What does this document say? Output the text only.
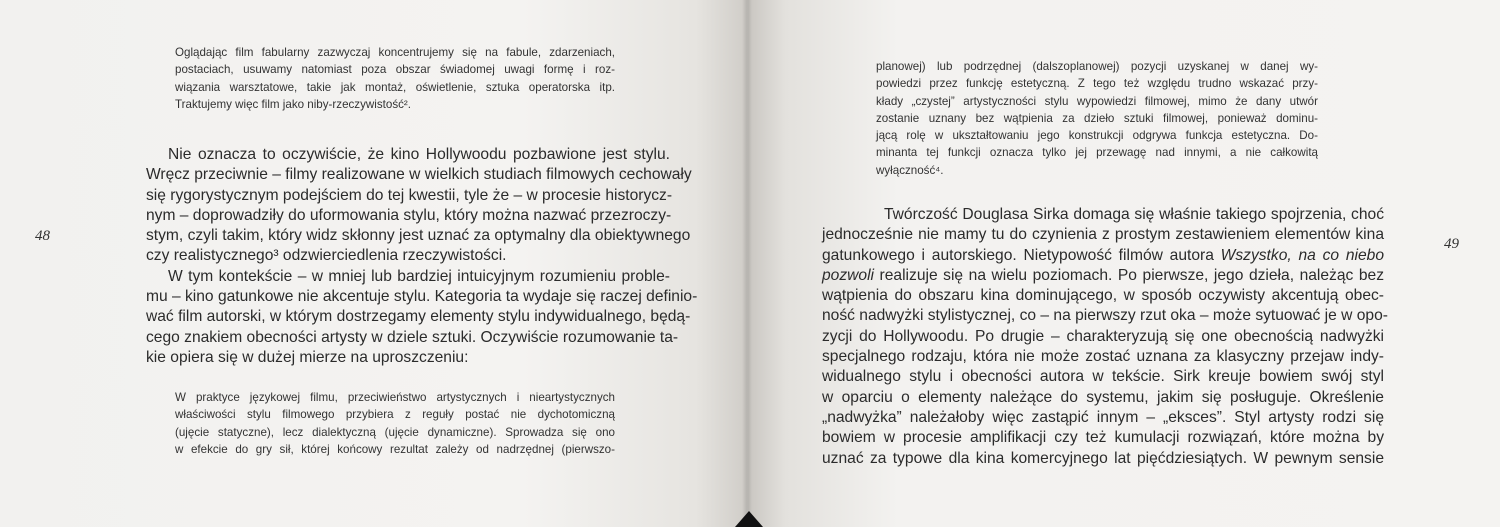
48
Oglądając film fabularny zazwyczaj koncentrujemy się na fabule, zdarzeniach,
postaciach, usuwamy natomiast poza obszar świadomej uwagi formę i roz-
wiązania warsztatowe, takie jak montaż, oświetlenie, sztuka operatorska itp.
Traktujemy więc film jako niby-rzeczywistość².
Nie oznacza to oczywiście, że kino Hollywoodu pozbawione jest stylu.
Wręcz przeciwnie – filmy realizowane w wielkich studiach filmowych cechowały
się rygorystycznym podejściem do tej kwestii, tyle że – w procesie historycz-
nym – doprowadziły do uformowania stylu, który można nazwać przezroczy-
stym, czyli takim, który widz skłonny jest uznać za optymalny dla obiektywnego
czy realistycznego³ odzwierciedlenia rzeczywistości.
W tym kontekście – w mniej lub bardziej intuicyjnym rozumieniu proble-
mu – kino gatunkowe nie akcentuje stylu. Kategoria ta wydaje się raczej definio-
wać film autorski, w którym dostrzegamy elementy stylu indywidualnego, będą-
cego znakiem obecności artysty w dziele sztuki. Oczywiście rozumowanie ta-
kie opiera się w dużej mierze na uproszczeniu:
W praktyce językowej filmu, przeciwieństwo artystycznych i nieartystycznych
właściwości stylu filmowego przybiera z reguły postać nie dychotomiczną
(ujęcie statyczne), lecz dialektyczną (ujęcie dynamiczne). Sprowadza się ono
w efekcie do gry sił, której końcowy rezultat zależy od nadrzędnej (pierwszo-
planowej) lub podrzędnej (dalszoplanowej) pozycji uzyskanej w danej wy-
powiedzi przez funkcję estetyczną. Z tego też względu trudno wskazać przy-
kłady „czystej” artystyczności stylu wypowiedzi filmowej, mimo że dany utwór
zostanie uznany bez wątpienia za dzieło sztuki filmowej, ponieważ dominu-
jącą rolę w ukształtowaniu jego konstrukcji odgrywa funkcja estetyczna. Do-
minanta tej funkcji oznacza tylko jej przewagę nad innymi, a nie całkowitą
wyłączność⁴.
Twórczość Douglasa Sirka domaga się właśnie takiego spojrzenia, choć
jednocześnie nie mamy tu do czynienia z prostym zestawieniem elementów kina
gatunkowego i autorskiego. Nietypowość filmów autora Wszystko, na co niebo
pozwoli realizuje się na wielu poziomach. Po pierwsze, jego dzieła, należąc bez
wątpienia do obszaru kina dominującego, w sposób oczywisty akcentują obec-
ność nadwyżki stylistycznej, co – na pierwszy rzut oka – może sytuować je w opo-
zycji do Hollywoodu. Po drugie – charakteryzują się one obecnością nadwyżki
specjalnego rodzaju, która nie może zostać uznana za klasyczny przejaw indy-
widualnego stylu i obecności autora w tekście. Sirk kreuje bowiem swój styl
w oparciu o elementy należące do systemu, jakim się posługuje. Określenie
„nadwyżka” należałoby więc zastąpić innym – „eksces”. Styl artysty rodzi się
bowiem w procesie amplifikacji czy też kumulacji rozwiązań, które można by
uznać za typowe dla kina komercyjnego lat pięćdziesiątych. W pewnym sensie
49
